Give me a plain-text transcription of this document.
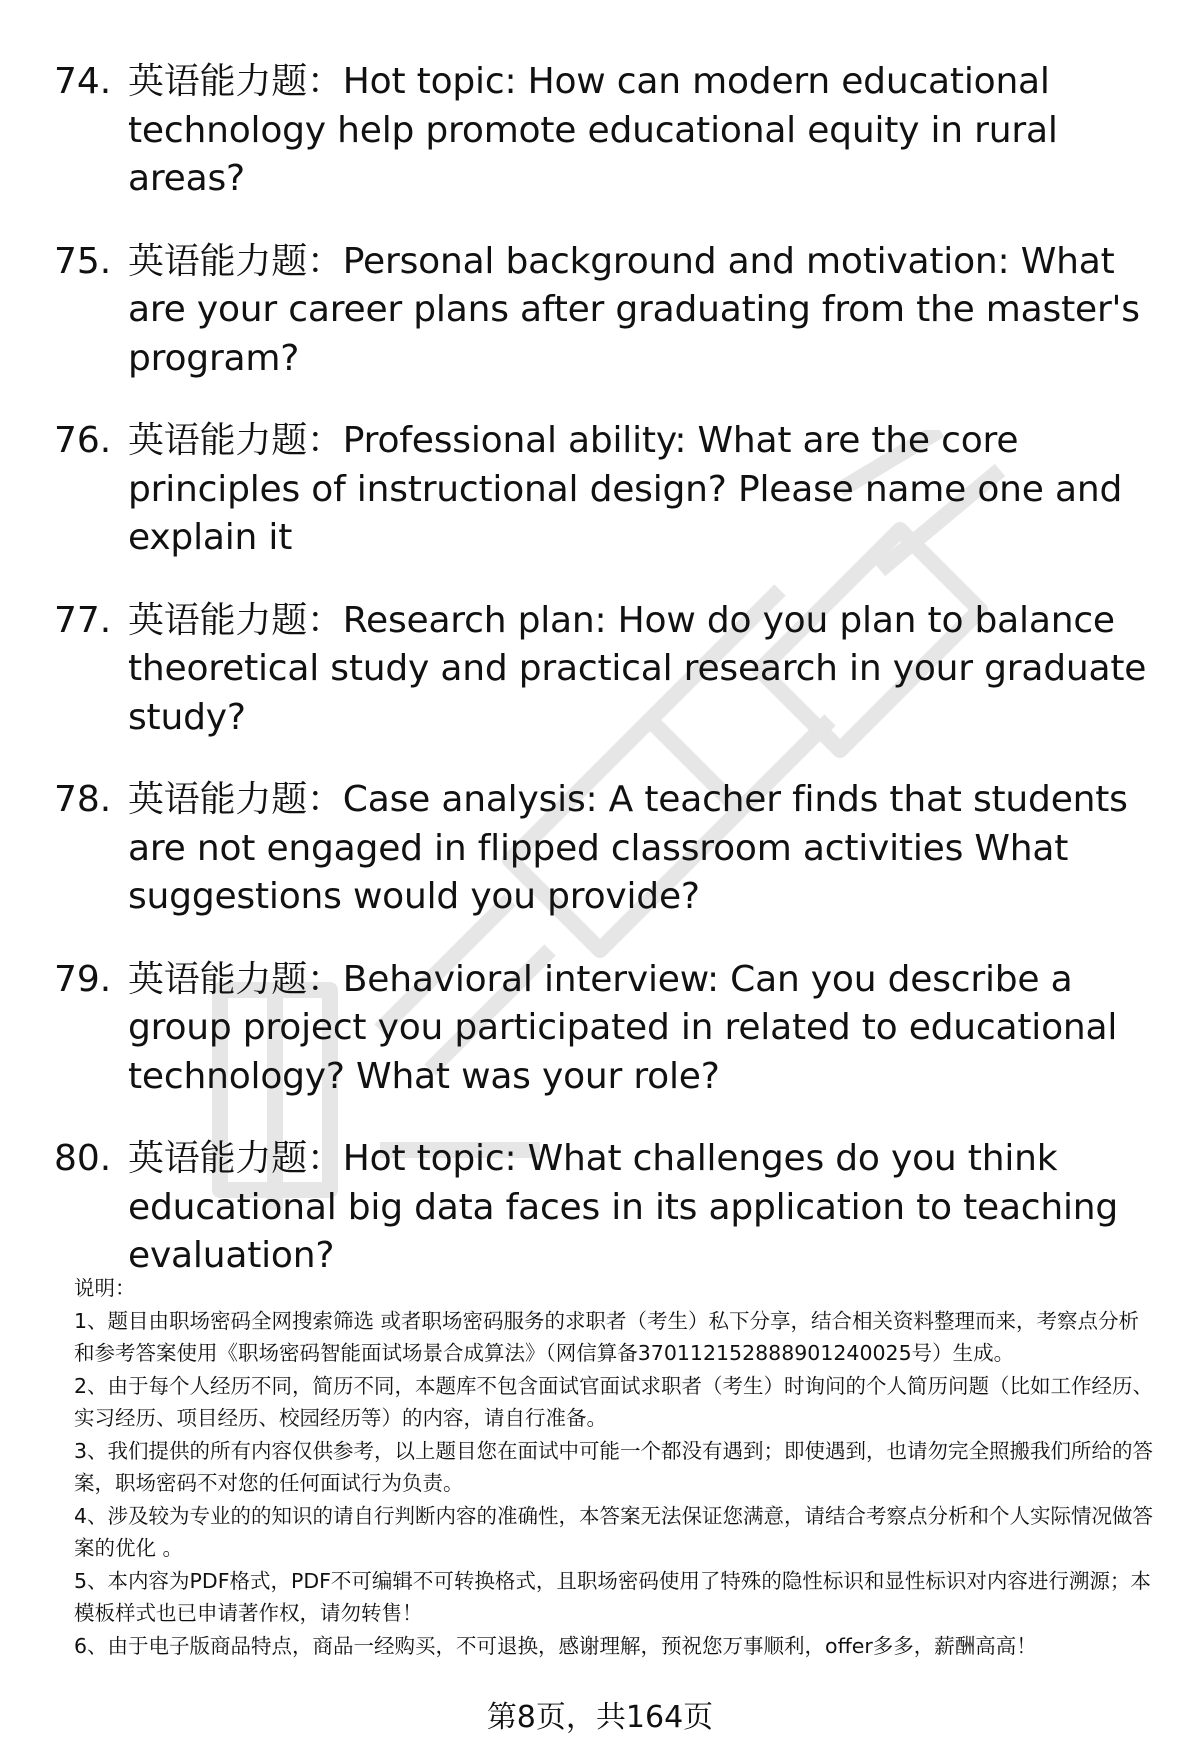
74. 英语能力题：Hot topic: How can modern educational technology help promote educational equity in rural areas?
75. 英语能力题：Personal background and motivation: What are your career plans after graduating from the master's program?
76. 英语能力题：Professional ability: What are the core principles of instructional design? Please name one and explain it
77. 英语能力题：Research plan: How do you plan to balance theoretical study and practical research in your graduate study?
78. 英语能力题：Case analysis: A teacher finds that students are not engaged in flipped classroom activities What suggestions would you provide?
79. 英语能力题：Behavioral interview: Can you describe a group project you participated in related to educational technology? What was your role?
80. 英语能力题：Hot topic: What challenges do you think educational big data faces in its application to teaching evaluation?

说明：

1、题目由职场密码全网搜索筛选 或者职场密码服务的求职者（考生）私下分享，结合相关资料整理而来，考察点分析和参考答案使用《职场密码智能面试场景合成算法》（网信算备370112152888901240025号）生成。

2、由于每个人经历不同，简历不同，本题库不包含面试官面试求职者（考生）时询问的个人简历问题（比如工作经历、实习经历、项目经历、校园经历等）的内容，请自行准备。

3、我们提供的所有内容仅供参考，以上题目您在面试中可能一个都没有遇到；即使遇到，也请勿完全照搬我们所给的答案，职场密码不对您的任何面试行为负责。

4、涉及较为专业的的知识的请自行判断内容的准确性，本答案无法保证您满意，请结合考察点分析和个人实际情况做答案的优化 。

5、本内容为PDF格式，PDF不可编辑不可转换格式，且职场密码使用了特殊的隐性标识和显性标识对内容进行溯源；本模板样式也已申请著作权，请勿转售！

6、由于电子版商品特点，商品一经购买，不可退换，感谢理解，预祝您万事顺利，offer多多，薪酬高高！

第8页，共164页
